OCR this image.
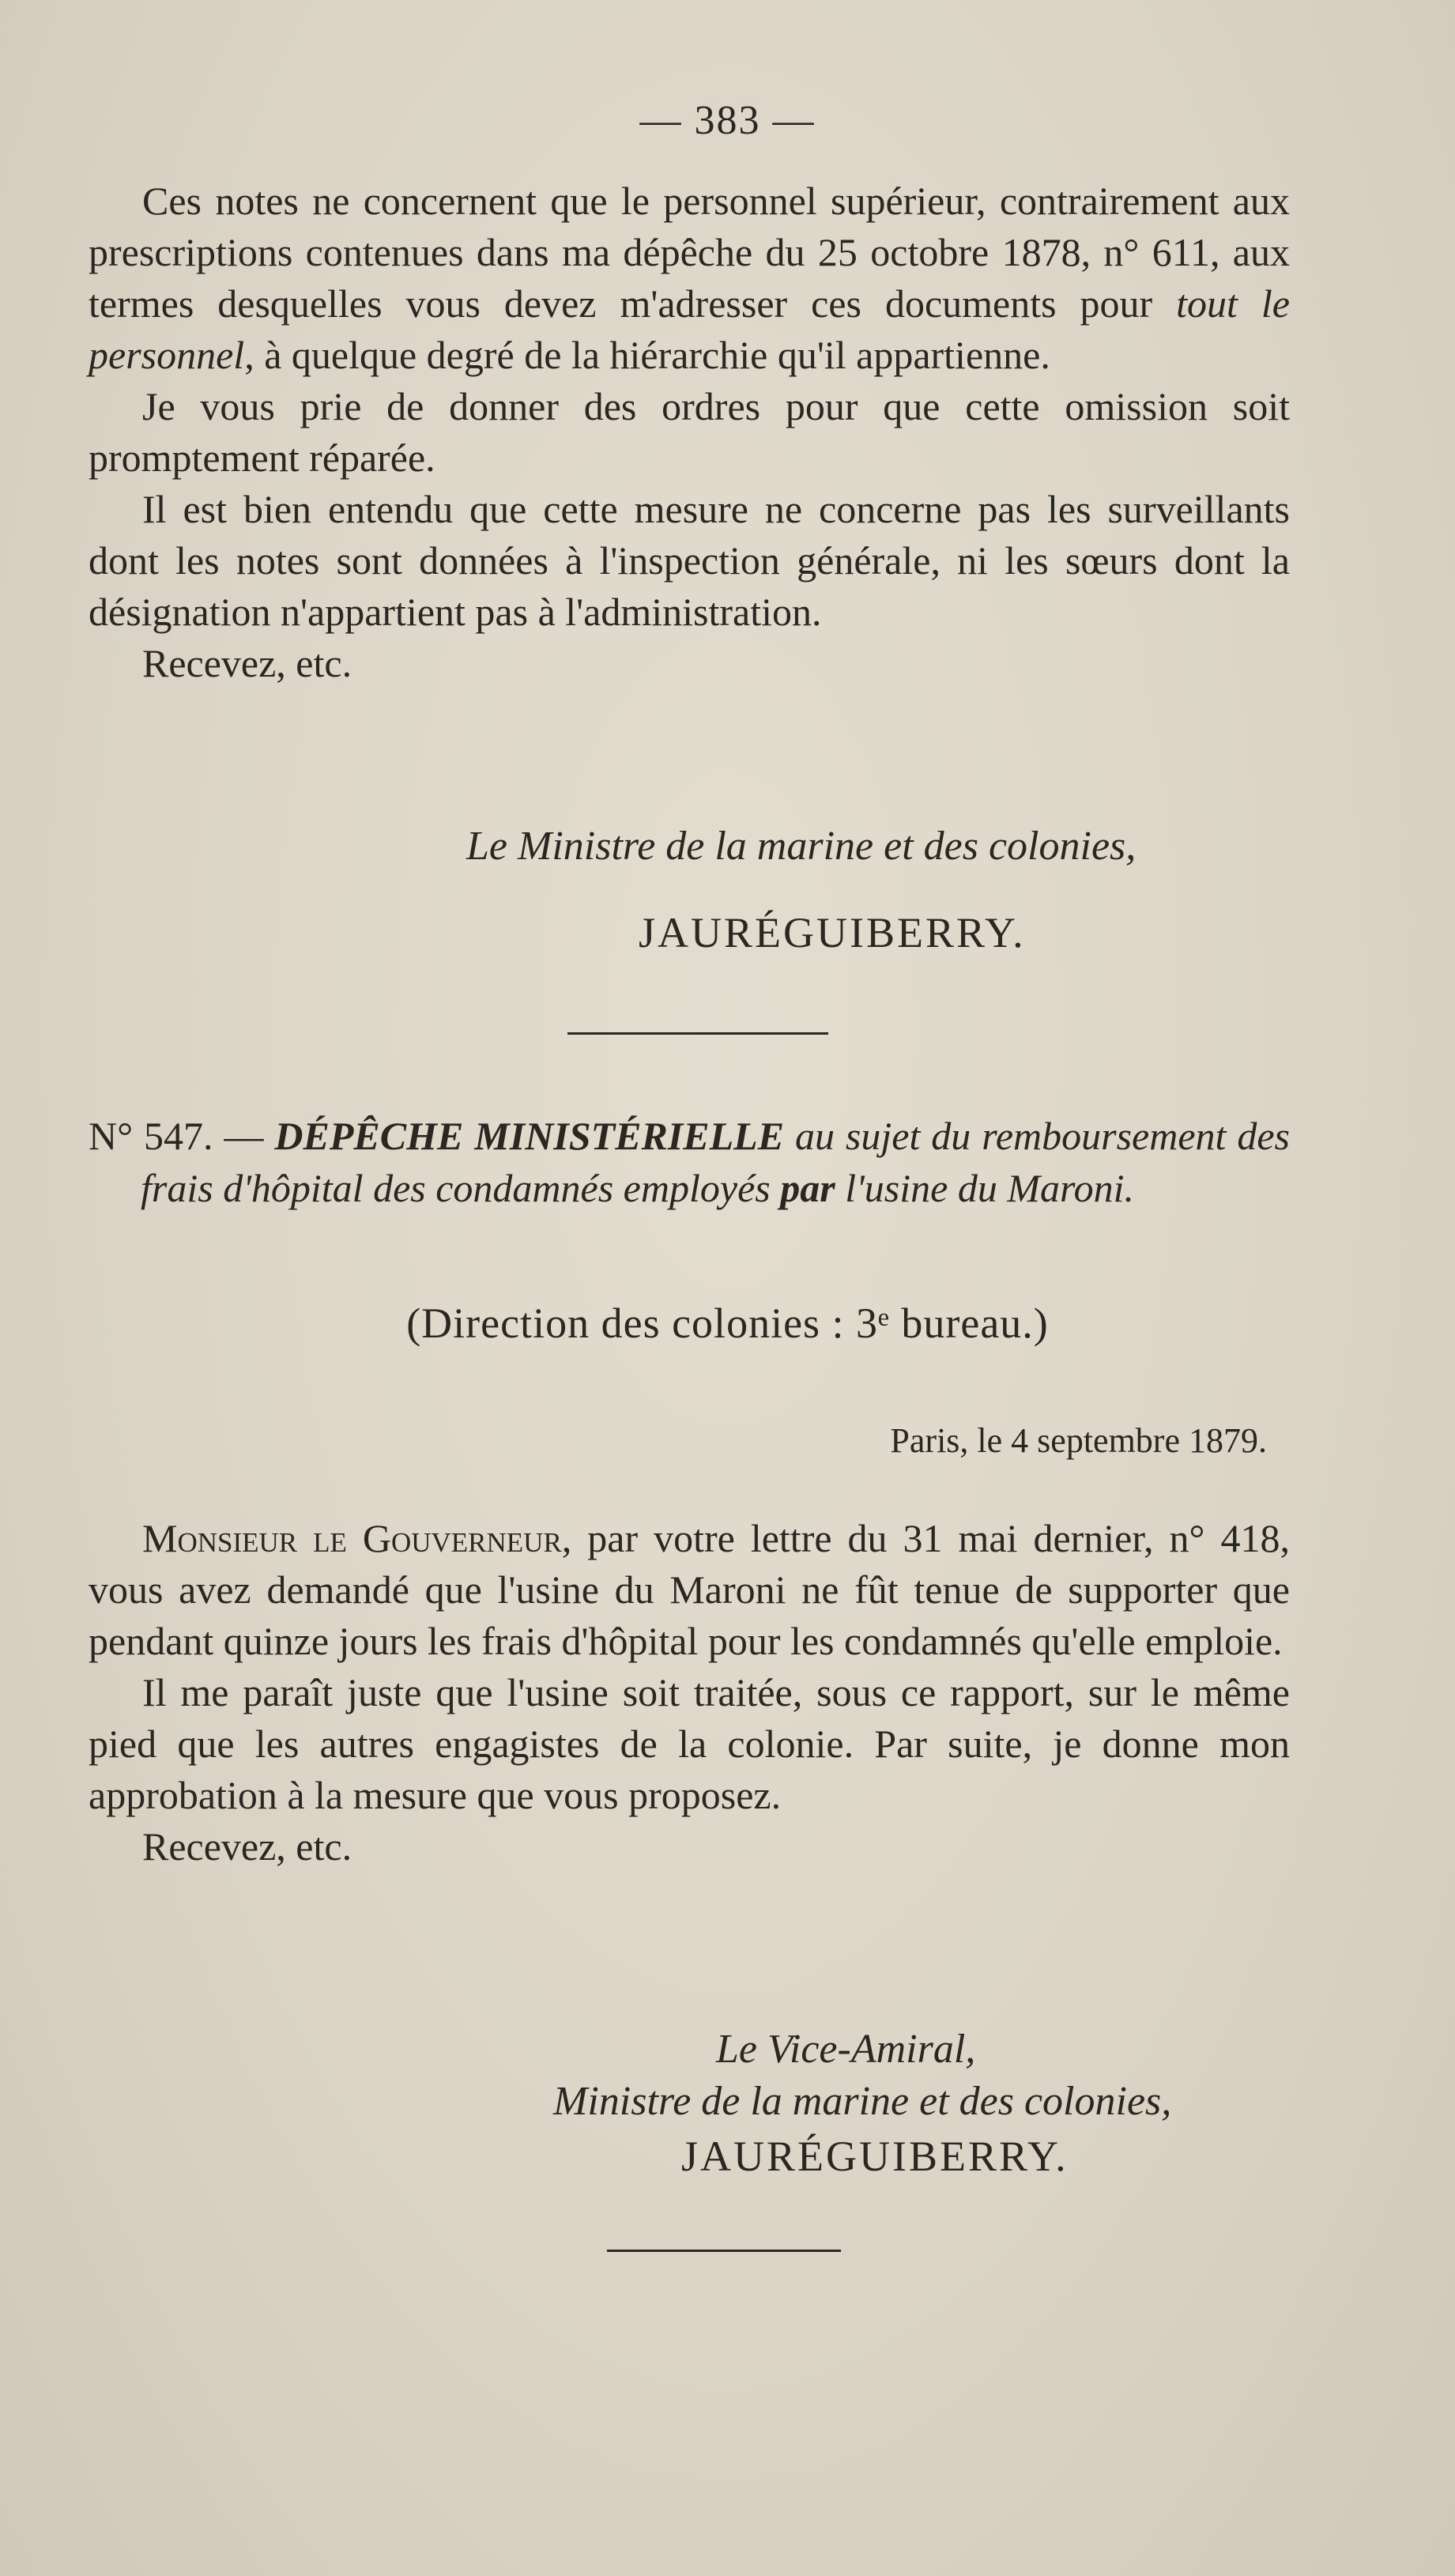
— 383 —

Ces notes ne concernent que le personnel supérieur, contrairement aux prescriptions contenues dans ma dépêche du 25 octobre 1878, n° 611, aux termes desquelles vous devez m'adresser ces documents pour tout le personnel, à quelque degré de la hiérarchie qu'il appartienne.

Je vous prie de donner des ordres pour que cette omission soit promptement réparée.

Il est bien entendu que cette mesure ne concerne pas les surveillants dont les notes sont données à l'inspection générale, ni les sœurs dont la désignation n'appartient pas à l'administration.

Recevez, etc.

Le Ministre de la marine et des colonies,
JAURÉGUIBERRY.

N° 547. — DÉPÊCHE MINISTÉRIELLE au sujet du remboursement des frais d'hôpital des condamnés employés par l'usine du Maroni.

(Direction des colonies : 3ᵉ bureau.)
Paris, le 4 septembre 1879.

Monsieur le Gouverneur, par votre lettre du 31 mai dernier, n° 418, vous avez demandé que l'usine du Maroni ne fût tenue de supporter que pendant quinze jours les frais d'hôpital pour les condamnés qu'elle emploie.

Il me paraît juste que l'usine soit traitée, sous ce rapport, sur le même pied que les autres engagistes de la colonie. Par suite, je donne mon approbation à la mesure que vous proposez.

Recevez, etc.

Le Vice-Amiral,
Ministre de la marine et des colonies,
JAURÉGUIBERRY.
